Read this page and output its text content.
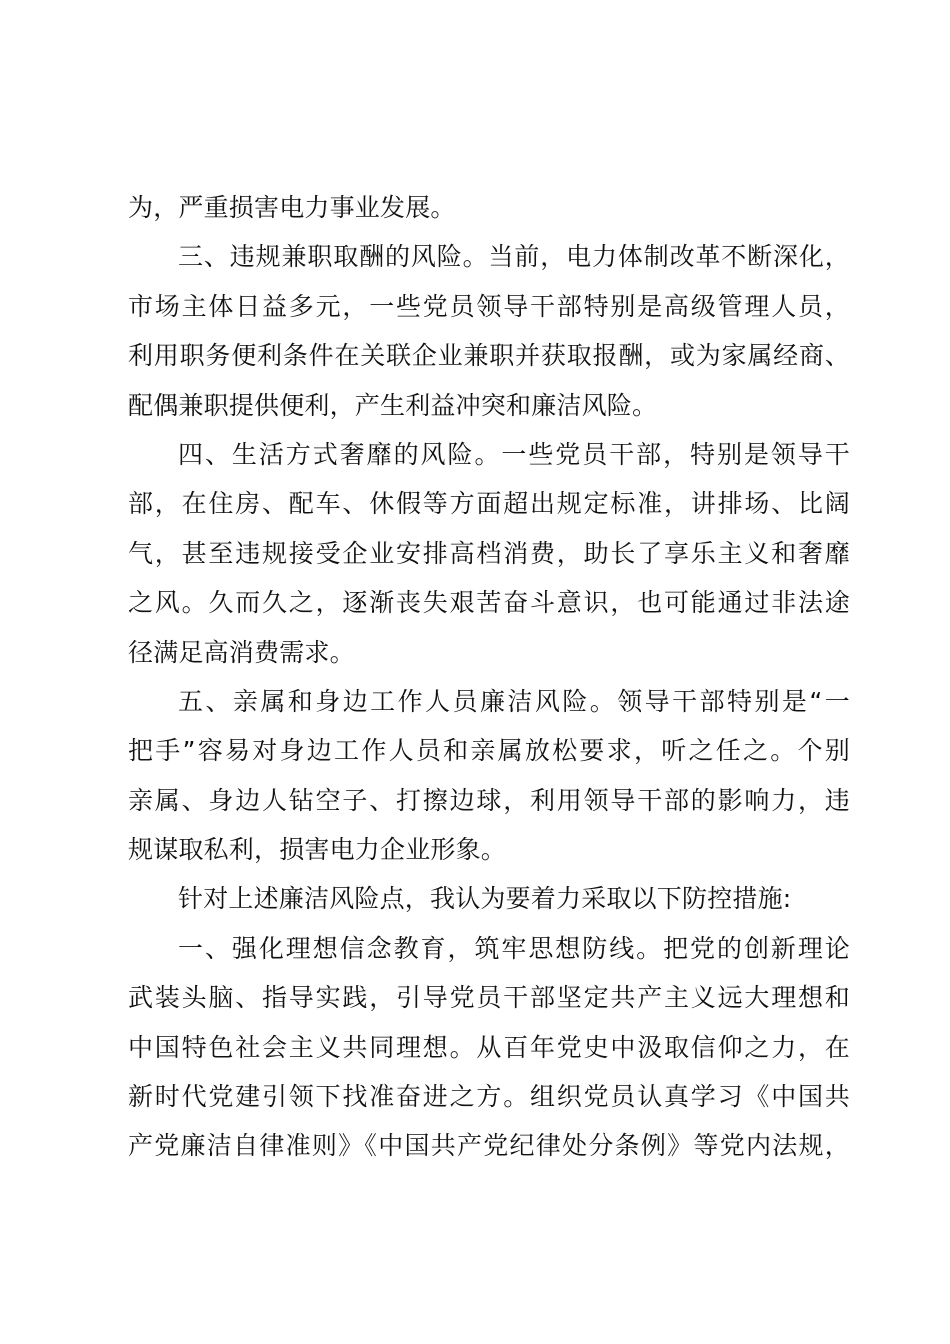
为，严重损害电力事业发展。
三、违规兼职取酬的风险。当前，电力体制改革不断深化，
市场主体日益多元，一些党员领导干部特别是高级管理人员，
利用职务便利条件在关联企业兼职并获取报酬，或为家属经商、
配偶兼职提供便利，产生利益冲突和廉洁风险。
四、生活方式奢靡的风险。一些党员干部，特别是领导干
部，在住房、配车、休假等方面超出规定标准，讲排场、比阔
气，甚至违规接受企业安排高档消费，助长了享乐主义和奢靡
之风。久而久之，逐渐丧失艰苦奋斗意识，也可能通过非法途
径满足高消费需求。
五、亲属和身边工作人员廉洁风险。领导干部特别是“一
把手”容易对身边工作人员和亲属放松要求，听之任之。个别
亲属、身边人钻空子、打擦边球，利用领导干部的影响力，违
规谋取私利，损害电力企业形象。
针对上述廉洁风险点，我认为要着力采取以下防控措施:
一、强化理想信念教育，筑牢思想防线。把党的创新理论
武装头脑、指导实践，引导党员干部坚定共产主义远大理想和
中国特色社会主义共同理想。从百年党史中汲取信仰之力，在
新时代党建引领下找准奋进之方。组织党员认真学习《中国共
产党廉洁自律准则》《中国共产党纪律处分条例》等党内法规，
